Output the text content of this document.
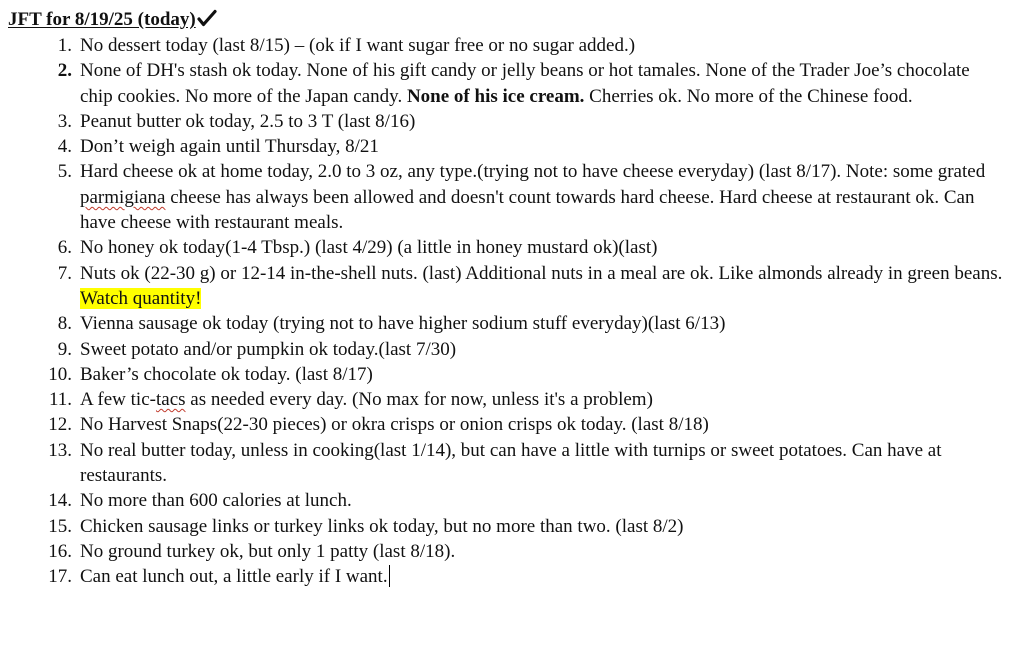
JFT for 8/19/25 (today)
1. No dessert today (last 8/15) – (ok if I want sugar free or no sugar added.)
2. None of DH's stash ok today. None of his gift candy or jelly beans or hot tamales. None of the Trader Joe’s chocolate chip cookies. No more of the Japan candy. None of his ice cream. Cherries ok. No more of the Chinese food.
3. Peanut butter ok today, 2.5 to 3 T (last 8/16)
4. Don’t weigh again until Thursday, 8/21
5. Hard cheese ok at home today, 2.0 to 3 oz, any type.(trying not to have cheese everyday) (last 8/17). Note: some grated parmigiana cheese has always been allowed and doesn't count towards hard cheese. Hard cheese at restaurant ok. Can have cheese with restaurant meals.
6. No honey ok today(1-4 Tbsp.) (last 4/29) (a little in honey mustard ok)(last)
7. Nuts ok (22-30 g) or 12-14 in-the-shell nuts. (last) Additional nuts in a meal are ok. Like almonds already in green beans. Watch quantity!
8. Vienna sausage ok today (trying not to have higher sodium stuff everyday)(last 6/13)
9. Sweet potato and/or pumpkin ok today.(last 7/30)
10. Baker’s chocolate ok today. (last 8/17)
11. A few tic-tacs as needed every day. (No max for now, unless it's a problem)
12. No Harvest Snaps(22-30 pieces) or okra crisps or onion crisps ok today. (last 8/18)
13. No real butter today, unless in cooking(last 1/14), but can have a little with turnips or sweet potatoes. Can have at restaurants.
14. No more than 600 calories at lunch.
15. Chicken sausage links or turkey links ok today, but no more than two. (last 8/2)
16. No ground turkey ok, but only 1 patty (last 8/18).
17. Can eat lunch out, a little early if I want.
